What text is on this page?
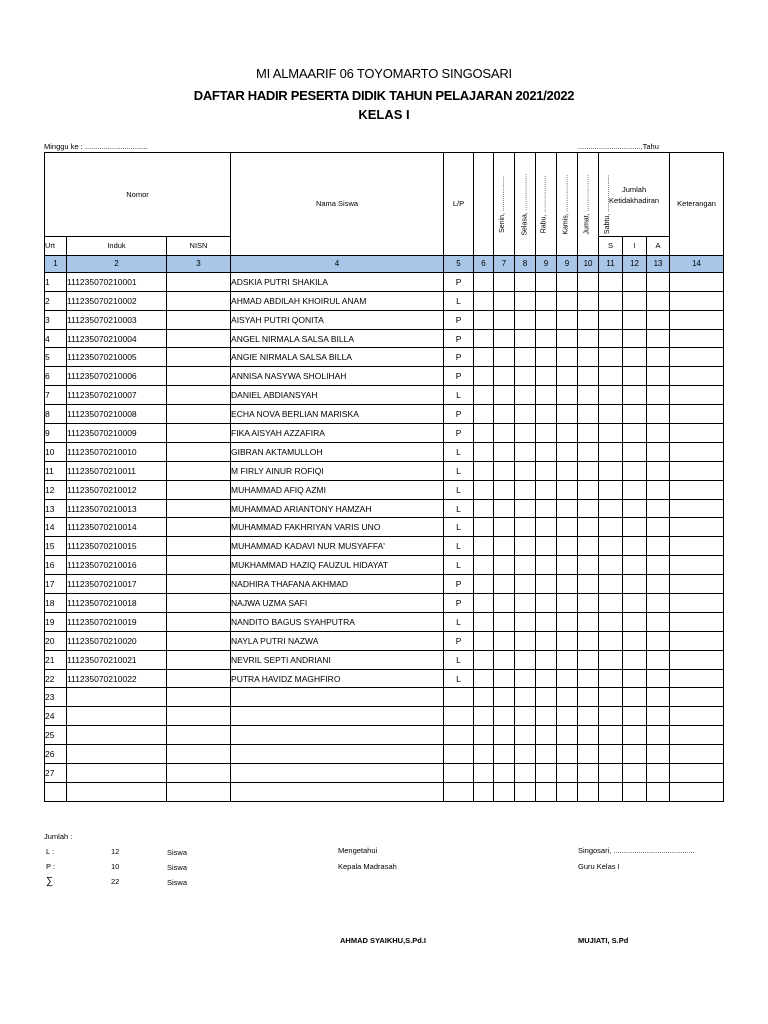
MI ALMAARIF 06 TOYOMARTO SINGOSARI
DAFTAR HADIR PESERTA DIDIK TAHUN PELAJARAN 2021/2022
KELAS I
Minggu ke : ..............................	...............................Tahu
Nomor			Nama Siswa	L/P	Senin, ..................	Selasa, ...................	Rabu, ...................	Kamis, ...................	Jumat, ...................	Sabtu, ...................	Jumlah Ketidakhadiran			Keterangan
Urt	Induk	NISN									S	I	A	
1	2	3	4	5	6	7	8	9	9	10	11	12	13	14
1	111235070210001		ADSKIA PUTRI SHAKILA	P										
2	111235070210002		AHMAD ABDILAH KHOIRUL ANAM	L										
3	111235070210003		AISYAH PUTRI QONITA	P										
4	111235070210004		ANGEL NIRMALA SALSA BILLA	P										
5	111235070210005		ANGIE NIRMALA SALSA BILLA	P										
6	111235070210006		ANNISA NASYWA SHOLIHAH	P										
7	111235070210007		DANIEL ABDIANSYAH	L										
8	111235070210008		ECHA NOVA BERLIAN MARISKA	P										
9	111235070210009		FIKA AISYAH AZZAFIRA	P										
10	111235070210010		GIBRAN AKTAMULLOH	L										
11	111235070210011		M FIRLY AINUR ROFIQI	L										
12	111235070210012		MUHAMMAD AFIQ AZMI	L										
13	111235070210013		MUHAMMAD ARIANTONY HAMZAH	L										
14	111235070210014		MUHAMMAD FAKHRIYAN VARIS UNO	L										
15	111235070210015		MUHAMMAD KADAVI NUR MUSYAFFA'	L										
16	111235070210016		MUKHAMMAD HAZIQ FAUZUL HIDAYAT	L										
17	111235070210017		NADHIRA THAFANA AKHMAD	P										
18	111235070210018		NAJWA UZMA SAFI	P										
19	111235070210019		NANDITO BAGUS SYAHPUTRA	L										
20	111235070210020		NAYLA PUTRI NAZWA	P										
21	111235070210021		NEVRIL SEPTI ANDRIANI	L										
22	111235070210022		PUTRA HAVIDZ MAGHFIRO	L										
23														
24														
25														
26														
27														

Jumlah :
L :	12	Siswa
P :	10	Siswa
∑	22	Siswa
Mengetahui
Kepala Madrasah
AHMAD SYAIKHU,S.Pd.I
Singosari, .......................................
Guru Kelas I
MUJIATI, S.Pd
